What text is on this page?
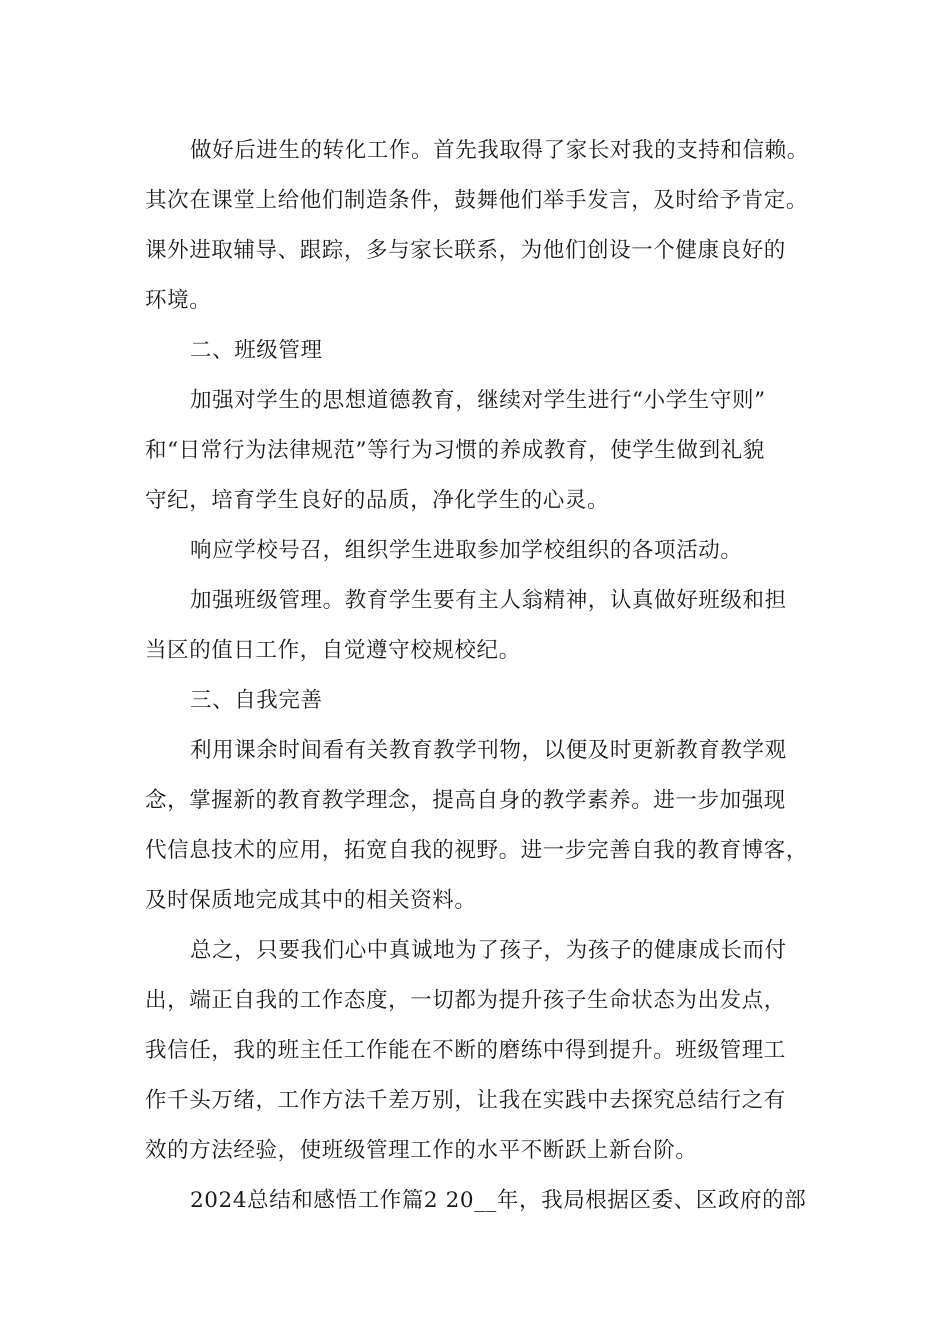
做好后进生的转化工作。首先我取得了家长对我的支持和信赖。
其次在课堂上给他们制造条件，鼓舞他们举手发言，及时给予肯定。
课外进取辅导、跟踪，多与家长联系，为他们创设一个健康良好的
环境。
二、班级管理
加强对学生的思想道德教育，继续对学生进行“小学生守则”
和“日常行为法律规范”等行为习惯的养成教育，使学生做到礼貌
守纪，培育学生良好的品质，净化学生的心灵。
响应学校号召，组织学生进取参加学校组织的各项活动。
加强班级管理。教育学生要有主人翁精神，认真做好班级和担
当区的值日工作，自觉遵守校规校纪。
三、自我完善
利用课余时间看有关教育教学刊物，以便及时更新教育教学观
念，掌握新的教育教学理念，提高自身的教学素养。进一步加强现
代信息技术的应用，拓宽自我的视野。进一步完善自我的教育博客，
及时保质地完成其中的相关资料。
总之，只要我们心中真诚地为了孩子，为孩子的健康成长而付
出，端正自我的工作态度，一切都为提升孩子生命状态为出发点，
我信任，我的班主任工作能在不断的磨练中得到提升。班级管理工
作千头万绪，工作方法千差万别，让我在实践中去探究总结行之有
效的方法经验，使班级管理工作的水平不断跃上新台阶。
2024总结和感悟工作篇2 20__年，我局根据区委、区政府的部
